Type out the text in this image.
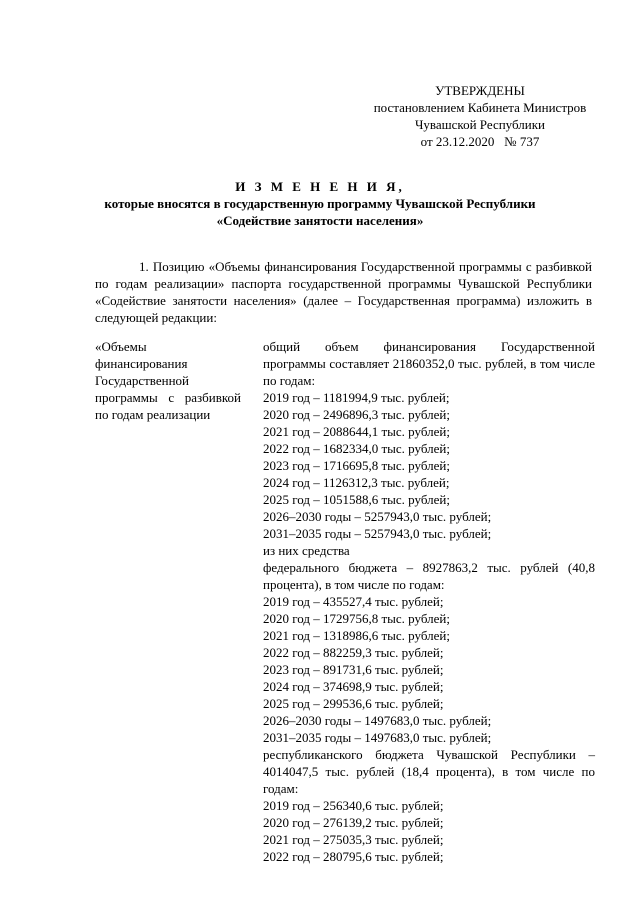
УТВЕРЖДЕНЫ
постановлением Кабинета Министров
Чувашской Республики
от 23.12.2020   № 737
И З М Е Н Е Н И Я,
которые вносятся в государственную программу Чувашской Республики
«Содействие занятости населения»

1. Позицию «Объемы финансирования Государственной программы с разбивкой по годам реализации» паспорта государственной программы Чувашской Республики «Содействие занятости населения» (далее – Государственная программа) изложить в следующей редакции:

«Объемы финансирования Государственной программы с разбивкой по годам реализации
общий объем финансирования Государственной программы составляет 21860352,0 тыс. рублей, в том числе по годам:
2019 год – 1181994,9 тыс. рублей;
2020 год – 2496896,3 тыс. рублей;
2021 год – 2088644,1 тыс. рублей;
2022 год – 1682334,0 тыс. рублей;
2023 год – 1716695,8 тыс. рублей;
2024 год – 1126312,3 тыс. рублей;
2025 год – 1051588,6 тыс. рублей;
2026–2030 годы – 5257943,0 тыс. рублей;
2031–2035 годы – 5257943,0 тыс. рублей;
из них средства
федерального бюджета – 8927863,2 тыс. рублей (40,8 процента), в том числе по годам:
2019 год – 435527,4 тыс. рублей;
2020 год – 1729756,8 тыс. рублей;
2021 год – 1318986,6 тыс. рублей;
2022 год – 882259,3 тыс. рублей;
2023 год – 891731,6 тыс. рублей;
2024 год – 374698,9 тыс. рублей;
2025 год – 299536,6 тыс. рублей;
2026–2030 годы – 1497683,0 тыс. рублей;
2031–2035 годы – 1497683,0 тыс. рублей;
республиканского бюджета Чувашской Республики – 4014047,5 тыс. рублей (18,4 процента), в том числе по годам:
2019 год – 256340,6 тыс. рублей;
2020 год – 276139,2 тыс. рублей;
2021 год – 275035,3 тыс. рублей;
2022 год – 280795,6 тыс. рублей;
